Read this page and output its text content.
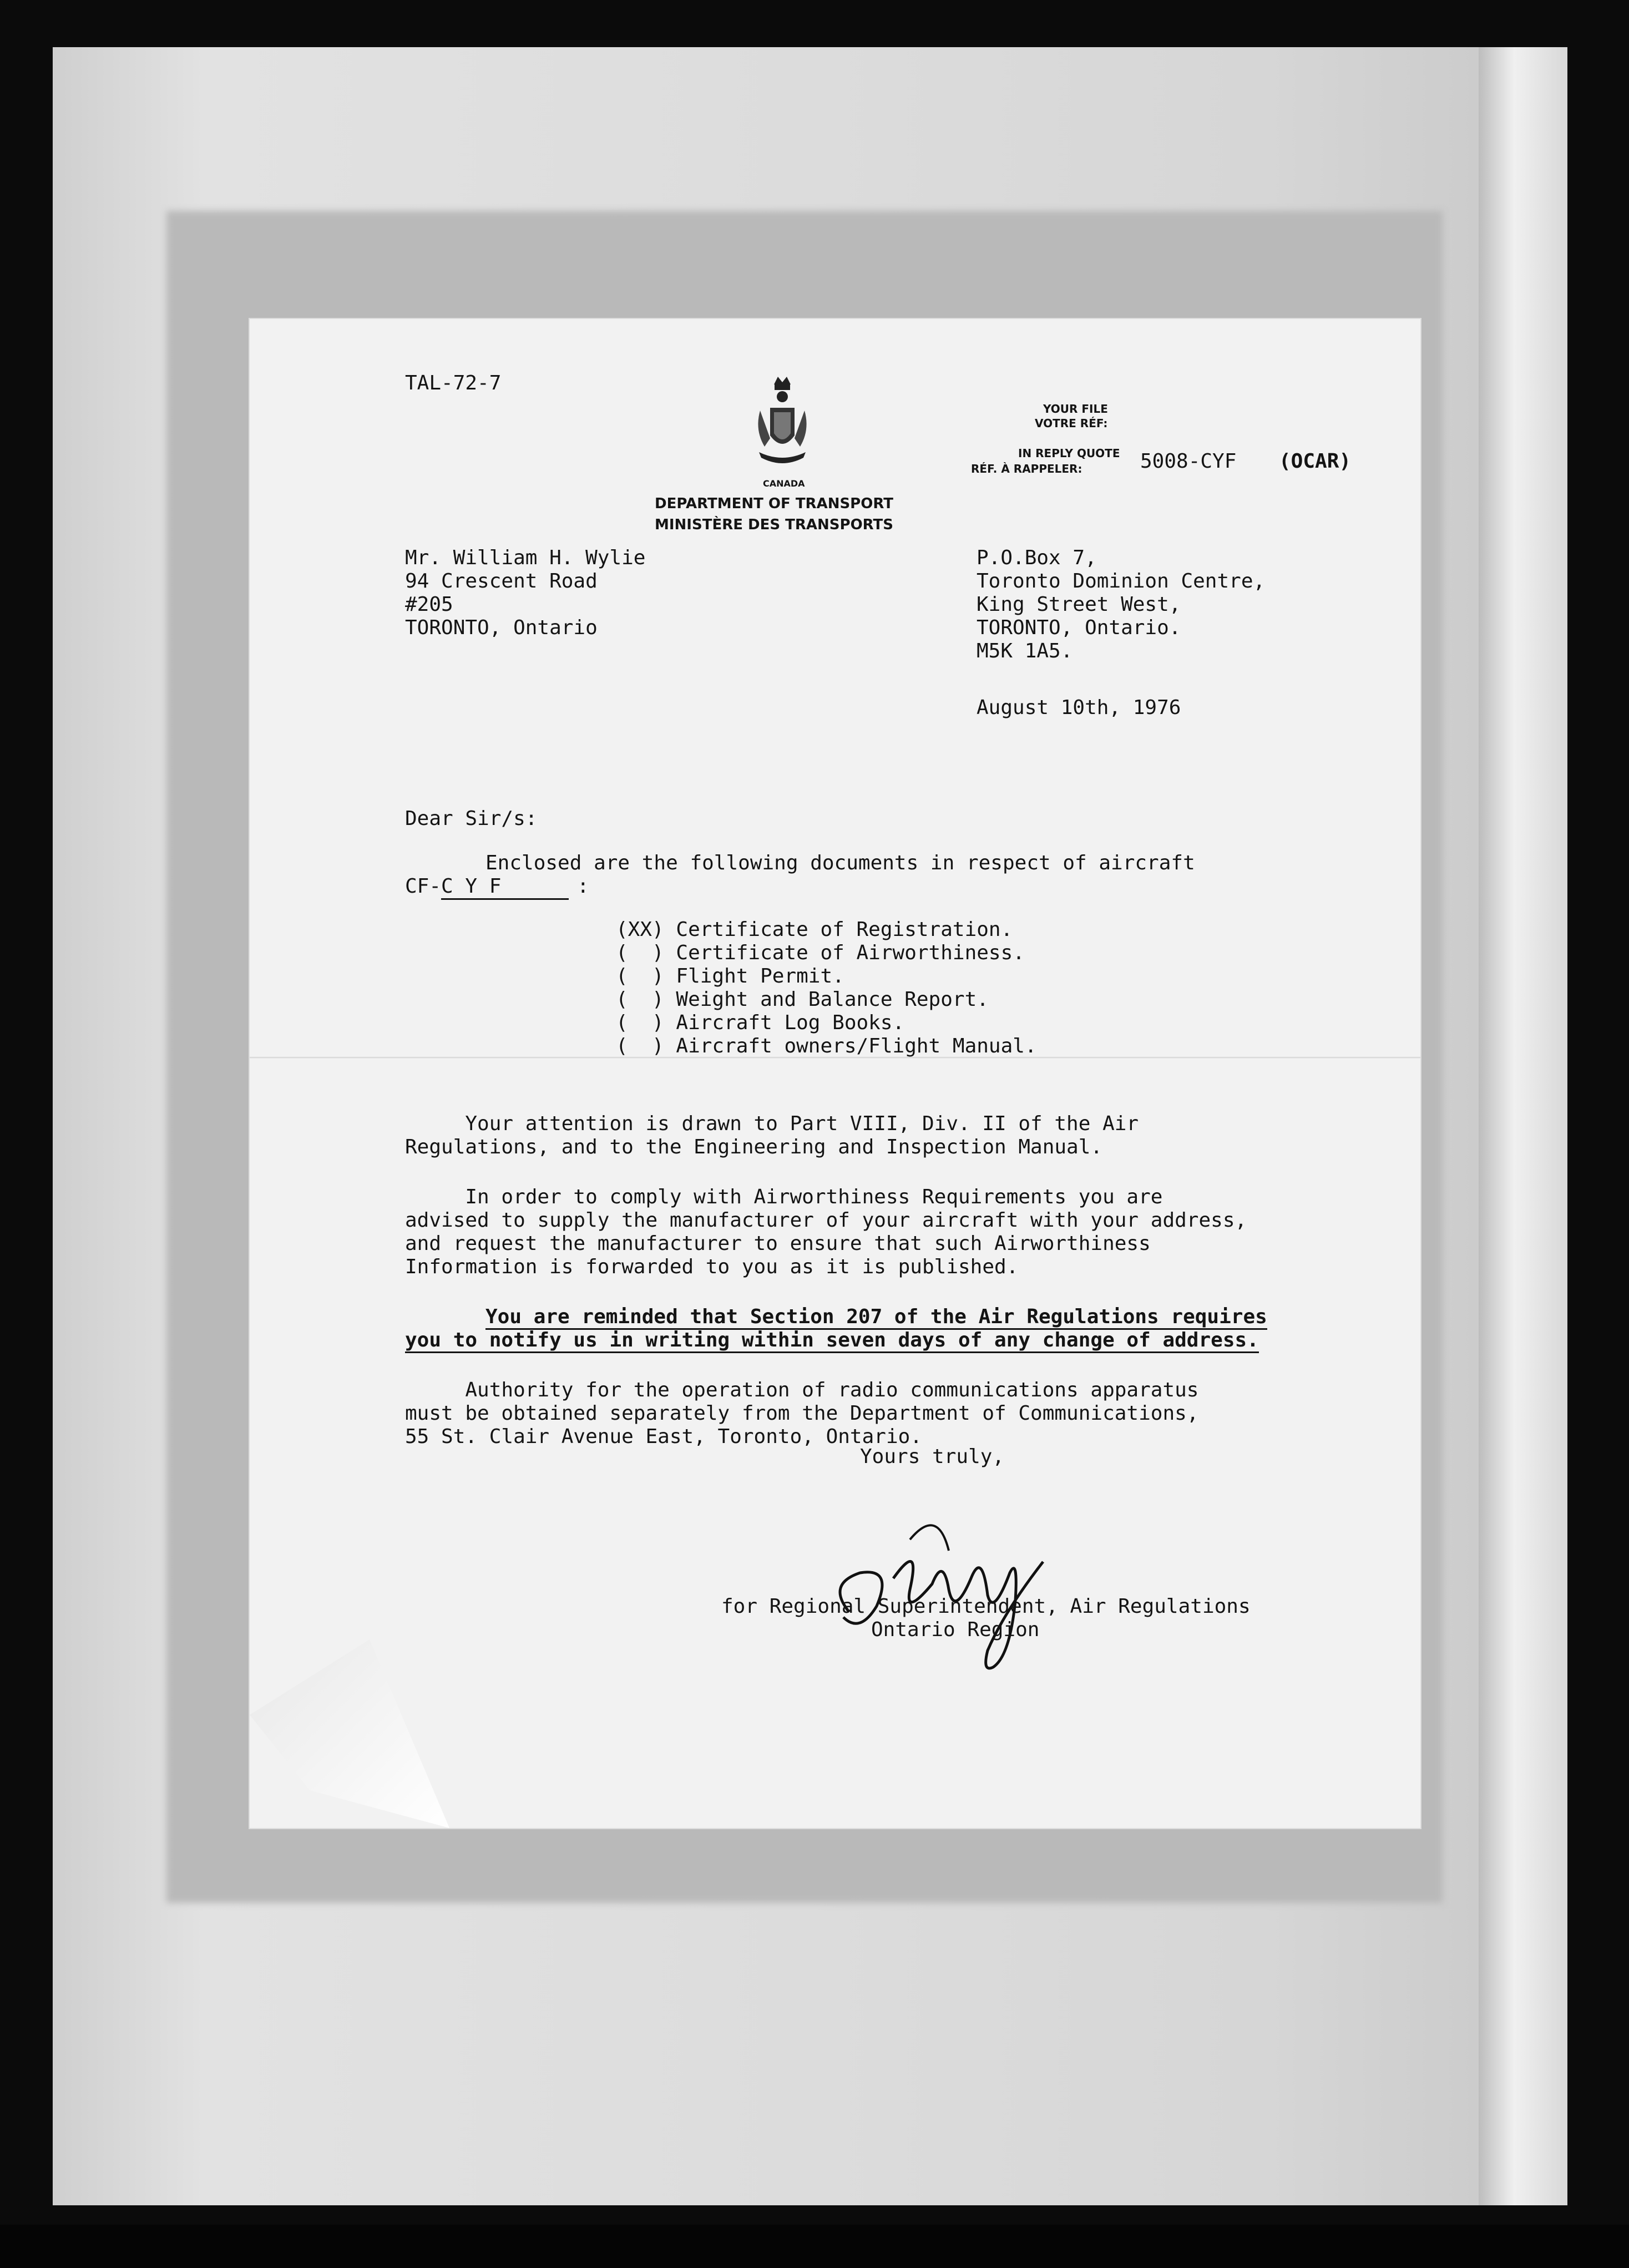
TAL-72-7
CANADA
DEPARTMENT OF TRANSPORT
MINISTÈRE DES TRANSPORTS
YOUR FILE
VOTRE RÉF:
IN REPLY QUOTE
RÉF. À RAPPELER:	5008-CYF (OCAR)
Mr. William H. Wylie
94 Crescent Road
#205
TORONTO, Ontario
P.O.Box 7,
Toronto Dominion Centre,
King Street West,
TORONTO, Ontario.
M5K 1A5.
August 10th, 1976
Dear Sir/s:
Enclosed are the following documents in respect of aircraft
CF- C Y F	:
(XX) Certificate of Registration.
(  ) Certificate of Airworthiness.
(  ) Flight Permit.
(  ) Weight and Balance Report.
(  ) Aircraft Log Books.
(  ) Aircraft owners/Flight Manual.
Your attention is drawn to Part VIII, Div. II of the Air
Regulations, and to the Engineering and Inspection Manual.
In order to comply with Airworthiness Requirements you are
advised to supply the manufacturer of your aircraft with your address,
and request the manufacturer to ensure that such Airworthiness
Information is forwarded to you as it is published.
You are reminded that Section 207 of the Air Regulations requires
you to notify us in writing within seven days of any change of address.
Authority for the operation of radio communications apparatus
must be obtained separately from the Department of Communications,
55 St. Clair Avenue East, Toronto, Ontario.
Yours truly,
for Regional Superintendent, Air Regulations
Ontario Region
